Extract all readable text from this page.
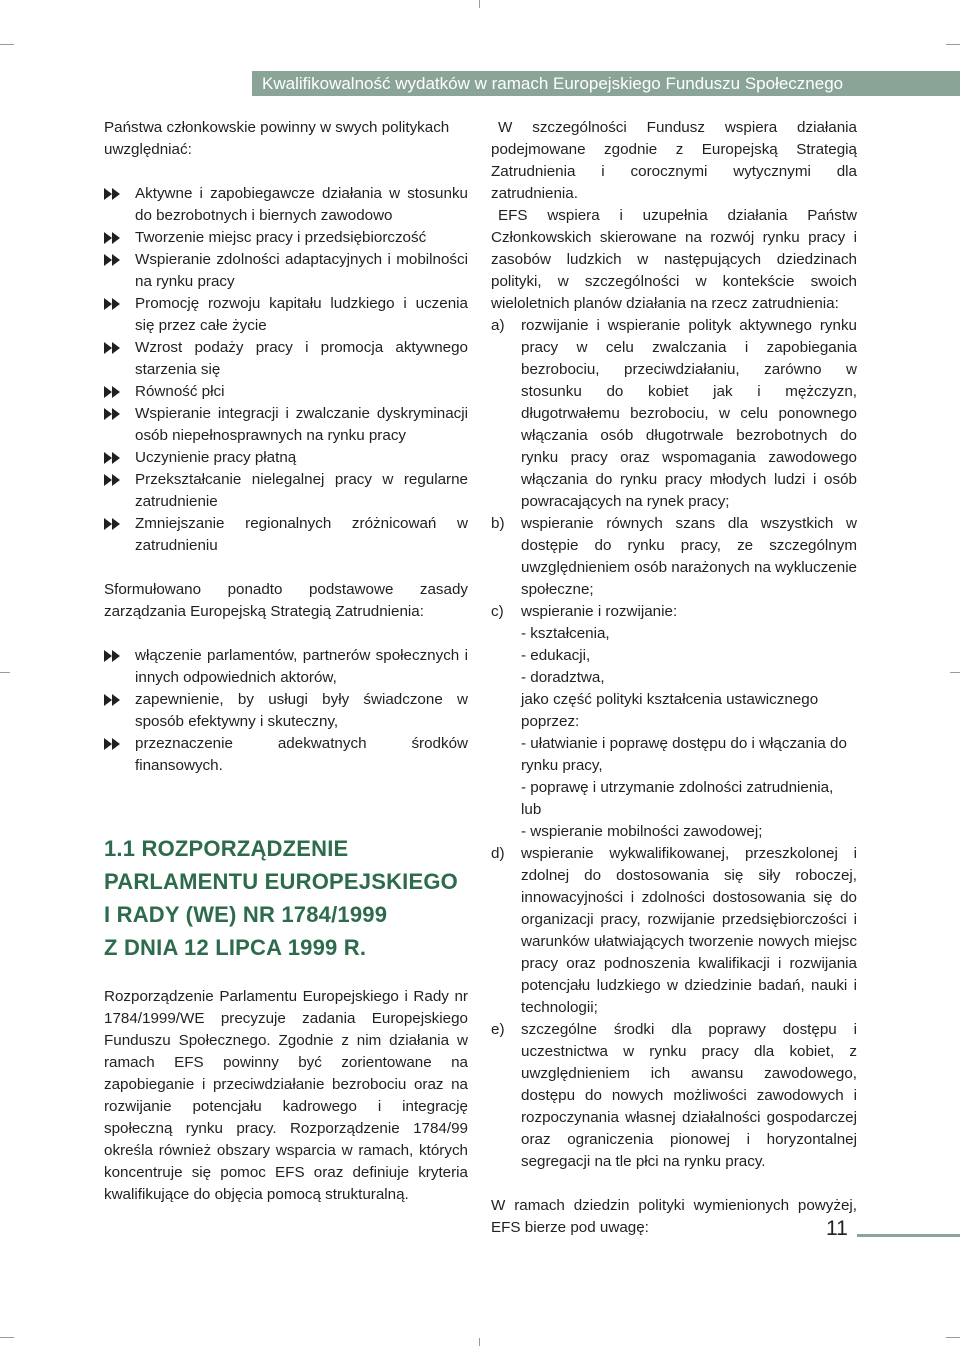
Kwalifikowalność wydatków w ramach Europejskiego Funduszu Społecznego

Państwa członkowskie powinny w swych politykach uwzględniać:

Aktywne i zapobiegawcze działania w stosunku do bezrobotnych i biernych zawodowo
Tworzenie miejsc pracy i przedsiębiorczość
Wspieranie zdolności adaptacyjnych i mobilności na rynku pracy
Promocję rozwoju kapitału ludzkiego i uczenia się przez całe życie
Wzrost podaży pracy i promocja aktywnego starzenia się
Równość płci
Wspieranie integracji i zwalczanie dyskryminacji osób niepełnosprawnych na rynku pracy
Uczynienie pracy płatną
Przekształcanie nielegalnej pracy w regularne zatrudnienie
Zmniejszanie regionalnych zróżnicowań w zatrudnieniu

Sformułowano ponadto podstawowe zasady zarządzania Europejską Strategią Zatrudnienia:

włączenie parlamentów, partnerów społecznych i innych odpowiednich aktorów,
zapewnienie, by usługi były świadczone w sposób efektywny i skuteczny,
przeznaczenie adekwatnych środków finansowych.
1.1 ROZPORZĄDZENIE
PARLAMENTU EUROPEJSKIEGO
I RADY (WE) NR 1784/1999
Z DNIA 12 LIPCA 1999 R.

Rozporządzenie Parlamentu Europejskiego i Rady nr 1784/1999/WE precyzuje zadania Europejskiego Funduszu Społecznego. Zgodnie z nim działania w ramach EFS powinny być zorientowane na zapobieganie i przeciwdziałanie bezrobociu oraz na rozwijanie potencjału kadrowego i integrację społeczną rynku pracy. Rozporządzenie 1784/99 określa również obszary wsparcia w ramach, których koncentruje się pomoc EFS oraz definiuje kryteria kwalifikujące do objęcia pomocą strukturalną.

W szczególności Fundusz wspiera działania podejmowane zgodnie z Europejską Strategią Zatrudnienia i corocznymi wytycznymi dla zatrudnienia.

EFS wspiera i uzupełnia działania Państw Członkowskich skierowane na rozwój rynku pracy i zasobów ludzkich w następujących dziedzinach polityki, w szczególności w kontekście swoich wieloletnich planów działania na rzecz zatrudnienia:

a) rozwijanie i wspieranie polityk aktywnego rynku pracy w celu zwalczania i zapobiegania bezrobociu, przeciwdziałaniu, zarówno w stosunku do kobiet jak i mężczyzn, długotrwałemu bezrobociu, w celu ponownego włączania osób długotrwale bezrobotnych do rynku pracy oraz wspomagania zawodowego włączania do rynku pracy młodych ludzi i osób powracających na rynek pracy;
b) wspieranie równych szans dla wszystkich w dostępie do rynku pracy, ze szczególnym uwzględnieniem osób narażonych na wykluczenie społeczne;
c) wspieranie i rozwijanie:
- kształcenia,
- edukacji,
- doradztwa,
jako część polityki kształcenia ustawicznego poprzez:
- ułatwianie i poprawę dostępu do i włączania do rynku pracy,
- poprawę i utrzymanie zdolności zatrudnienia, lub
- wspieranie mobilności zawodowej;
d) wspieranie wykwalifikowanej, przeszkolonej i zdolnej do dostosowania się siły roboczej, innowacyjności i zdolności dostosowania się do organizacji pracy, rozwijanie przedsiębiorczości i warunków ułatwiających tworzenie nowych miejsc pracy oraz podnoszenia kwalifikacji i rozwijania potencjału ludzkiego w dziedzinie badań, nauki i technologii;
e) szczególne środki dla poprawy dostępu i uczestnictwa w rynku pracy dla kobiet, z uwzględnieniem ich awansu zawodowego, dostępu do nowych możliwości zawodowych i rozpoczynania własnej działalności gospodarczej oraz ograniczenia pionowej i horyzontalnej segregacji na tle płci na rynku pracy.

W ramach dziedzin polityki wymienionych powyżej, EFS bierze pod uwagę:	11
